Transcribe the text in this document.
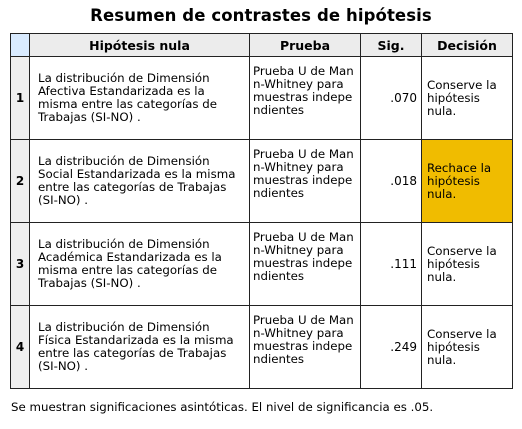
Resumen de contrastes de hipótesis
	Hipótesis nula	Prueba	Sig.	Decisión
1	La distribución de Dimensión Afectiva Estandarizada es la misma entre las categorías de Trabajas (SI-NO) .	Prueba U de Mann-Whitney para muestras independientes	.070	Conserve la hipótesis nula.
2	La distribución de Dimensión Social Estandarizada es la misma entre las categorías de Trabajas (SI-NO) .	Prueba U de Mann-Whitney para muestras independientes	.018	Rechace la hipótesis nula.
3	La distribución de Dimensión Académica Estandarizada es la misma entre las categorías de Trabajas (SI-NO) .	Prueba U de Mann-Whitney para muestras independientes	.111	Conserve la hipótesis nula.
4	La distribución de Dimensión Física Estandarizada es la misma entre las categorías de Trabajas (SI-NO) .	Prueba U de Mann-Whitney para muestras independientes	.249	Conserve la hipótesis nula.
Se muestran significaciones asintóticas. El nivel de significancia es .05.
